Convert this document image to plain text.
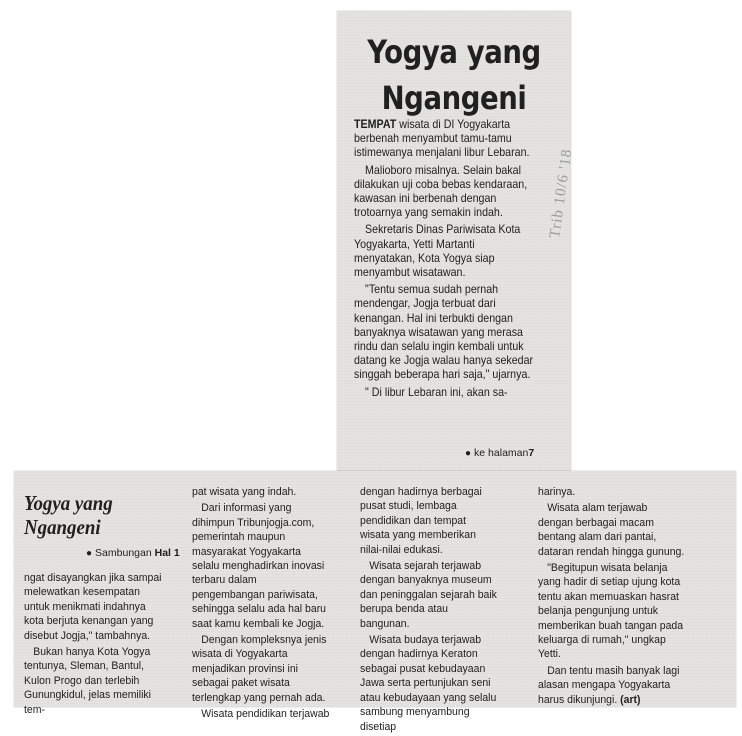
Yogya yang
Ngangeni

TEMPAT wisata di DI Yogyakarta berbenah menyambut tamu-tamu istimewanya menjalani libur Lebaran.

Malioboro misalnya. Selain bakal dilakukan uji coba bebas kendaraan, kawasan ini berbenah dengan trotoarnya yang semakin indah.

Sekretaris Dinas Pariwisata Kota Yogyakarta, Yetti Martanti menyatakan, Kota Yogya siap menyambut wisatawan.

"Tentu semua sudah pernah mendengar, Jogja terbuat dari kenangan. Hal ini terbukti dengan banyaknya wisatawan yang merasa rindu dan selalu ingin kembali untuk datang ke Jogja walau hanya sekedar singgah beberapa hari saja," ujarnya.

" Di libur Lebaran ini, akan sa-

Trib 10/6 '18
● ke halaman7
Yogya yang
Ngangeni
● Sambungan Hal 1

ngat disayangkan jika sampai melewatkan kesempatan untuk menikmati indahnya kota berjuta kenangan yang disebut Jogja," tambahnya.

Bukan hanya Kota Yogya tentunya, Sleman, Bantul, Kulon Progo dan terlebih Gunungkidul, jelas memiliki tem-

pat wisata yang indah.

Dari informasi yang dihimpun Tribunjogja.com, pemerintah maupun masyarakat Yogyakarta selalu menghadirkan inovasi terbaru dalam pengembangan pariwisata, sehingga selalu ada hal baru saat kamu kembali ke Jogja.

Dengan kompleksnya jenis wisata di Yogyakarta menjadikan provinsi ini sebagai paket wisata terlengkap yang pernah ada.

Wisata pendidikan terjawab

dengan hadirnya berbagai pusat studi, lembaga pendidikan dan tempat wisata yang memberikan nilai-nilai edukasi.

Wisata sejarah terjawab dengan banyaknya museum dan peninggalan sejarah baik berupa benda atau bangunan.

Wisata budaya terjawab dengan hadirnya Keraton sebagai pusat kebudayaan Jawa serta pertunjukan seni atau kebudayaan yang selalu sambung menyambung disetiap

harinya.

Wisata alam terjawab dengan berbagai macam bentang alam dari pantai, dataran rendah hingga gunung.

"Begitupun wisata belanja yang hadir di setiap ujung kota tentu akan memuaskan hasrat belanja pengunjung untuk memberikan buah tangan pada keluarga di rumah," ungkap Yetti.

Dan tentu masih banyak lagi alasan mengapa Yogyakarta harus dikunjungi. (art)
